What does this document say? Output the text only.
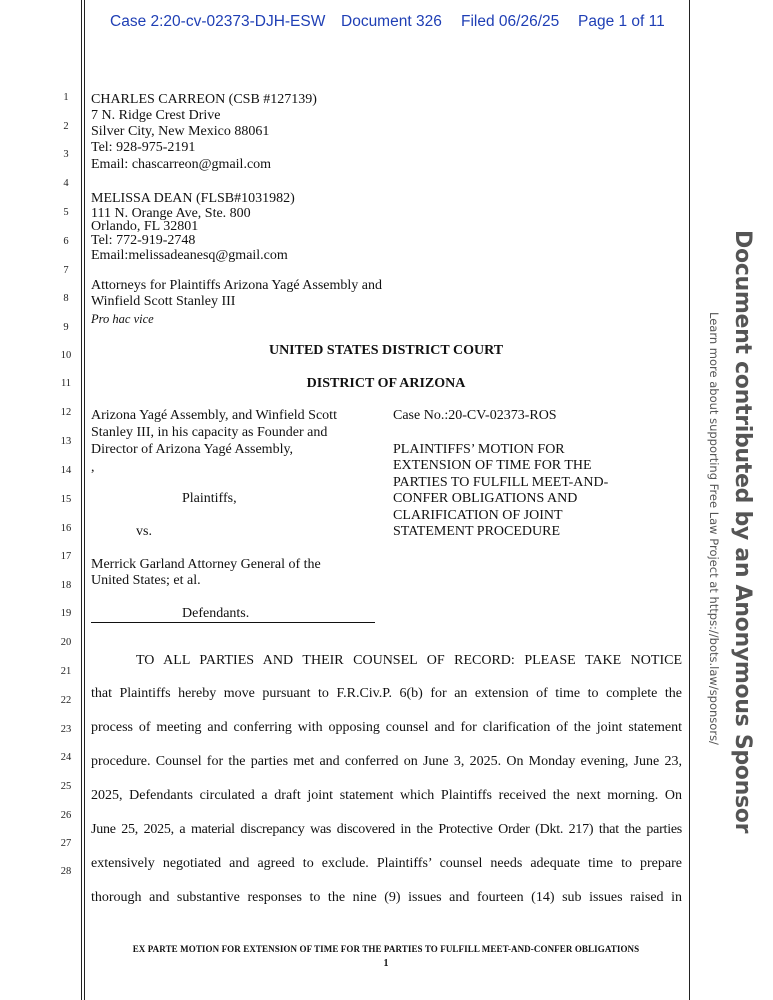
Case 2:20-cv-02373-DJH-ESW Document 326 Filed 06/26/25 Page 1 of 11
1
2
3
4
5
6
7
8
9
10
11
12
13
14
15
16
17
18
19
20
21
22
23
24
25
26
27
28
CHARLES CARREON (CSB #127139)
7 N. Ridge Crest Drive
Silver City, New Mexico 88061
Tel: 928-975-2191
Email: chascarreon@gmail.com
MELISSA DEAN (FLSB#1031982)
111 N. Orange Ave, Ste. 800
Orlando, FL 32801
Tel: 772-919-2748
Email:melissadeanesq@gmail.com
Attorneys for Plaintiffs Arizona Yagé Assembly and
Winfield Scott Stanley III
Pro hac vice
UNITED STATES DISTRICT COURT
DISTRICT OF ARIZONA
Arizona Yagé Assembly, and Winfield Scott
Stanley III, in his capacity as Founder and
Director of Arizona Yagé Assembly,
,
Plaintiffs,
vs.
Merrick Garland Attorney General of the
United States; et al.
Defendants.
Case No.:20-CV-02373-ROS
PLAINTIFFS’ MOTION FOR
EXTENSION OF TIME FOR THE
PARTIES TO FULFILL MEET-AND-
CONFER OBLIGATIONS AND
CLARIFICATION OF JOINT
STATEMENT PROCEDURE
TO ALL PARTIES AND THEIR COUNSEL OF RECORD: PLEASE TAKE NOTICE
that Plaintiffs hereby move pursuant to F.R.Civ.P. 6(b) for an extension of time to complete the
process of meeting and conferring with opposing counsel and for clarification of the joint statement
procedure. Counsel for the parties met and conferred on June 3, 2025. On Monday evening, June 23,
2025, Defendants circulated a draft joint statement which Plaintiffs received the next morning. On
June 25, 2025, a material discrepancy was discovered in the Protective Order (Dkt. 217) that the parties
extensively negotiated and agreed to exclude. Plaintiffs’ counsel needs adequate time to prepare
thorough and substantive responses to the nine (9) issues and fourteen (14) sub issues raised in
EX PARTE MOTION FOR EXTENSION OF TIME FOR THE PARTIES TO FULFILL MEET-AND-CONFER OBLIGATIONS
1
Document contributed by an Anonymous Sponsor
Learn more about supporting Free Law Project at https://bots.law/sponsors/
